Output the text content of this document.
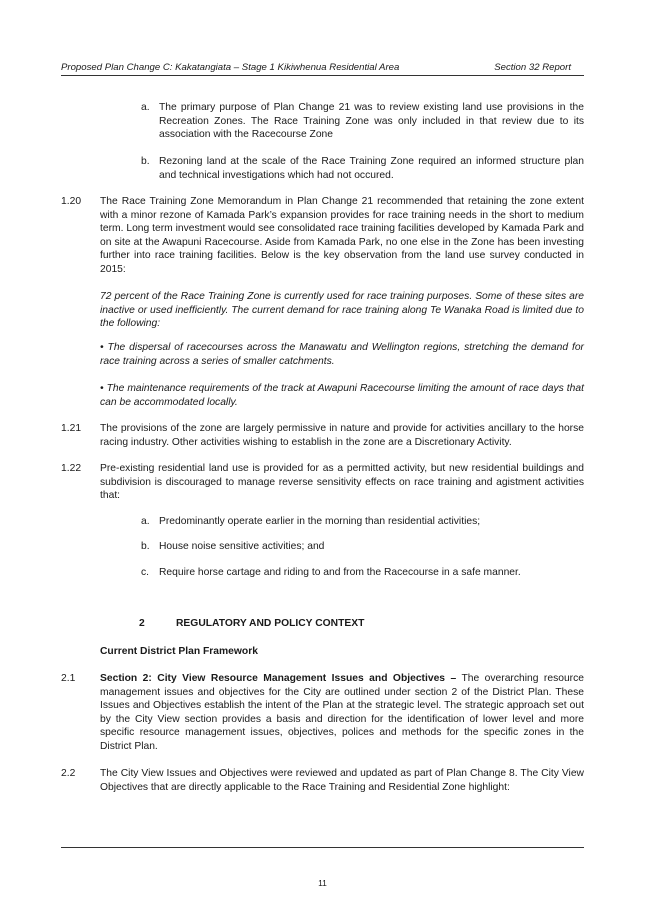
Proposed Plan Change C: Kakatangiata – Stage 1 Kikiwhenua Residential Area	Section 32 Report
a. The primary purpose of Plan Change 21 was to review existing land use provisions in the Recreation Zones. The Race Training Zone was only included in that review due to its association with the Racecourse Zone
b. Rezoning land at the scale of the Race Training Zone required an informed structure plan and technical investigations which had not occured.
1.20 The Race Training Zone Memorandum in Plan Change 21 recommended that retaining the zone extent with a minor rezone of Kamada Park’s expansion provides for race training needs in the short to medium term. Long term investment would see consolidated race training facilities developed by Kamada Park and on site at the Awapuni Racecourse. Aside from Kamada Park, no one else in the Zone has been investing further into race training facilities. Below is the key observation from the land use survey conducted in 2015:
72 percent of the Race Training Zone is currently used for race training purposes. Some of these sites are inactive or used inefficiently. The current demand for race training along Te Wanaka Road is limited due to the following:
• The dispersal of racecourses across the Manawatu and Wellington regions, stretching the demand for race training across a series of smaller catchments.
• The maintenance requirements of the track at Awapuni Racecourse limiting the amount of race days that can be accommodated locally.
1.21 The provisions of the zone are largely permissive in nature and provide for activities ancillary to the horse racing industry. Other activities wishing to establish in the zone are a Discretionary Activity.
1.22 Pre-existing residential land use is provided for as a permitted activity, but new residential buildings and subdivision is discouraged to manage reverse sensitivity effects on race training and agistment activities that:
a. Predominantly operate earlier in the morning than residential activities;
b. House noise sensitive activities; and
c. Require horse cartage and riding to and from the Racecourse in a safe manner.
2	REGULATORY AND POLICY CONTEXT
Current District Plan Framework
2.1 Section 2: City View Resource Management Issues and Objectives – The overarching resource management issues and objectives for the City are outlined under section 2 of the District Plan. These Issues and Objectives establish the intent of the Plan at the strategic level. The strategic approach set out by the City View section provides a basis and direction for the identification of lower level and more specific resource management issues, objectives, polices and methods for the specific zones in the District Plan.
2.2 The City View Issues and Objectives were reviewed and updated as part of Plan Change 8. The City View Objectives that are directly applicable to the Race Training and Residential Zone highlight:
11
